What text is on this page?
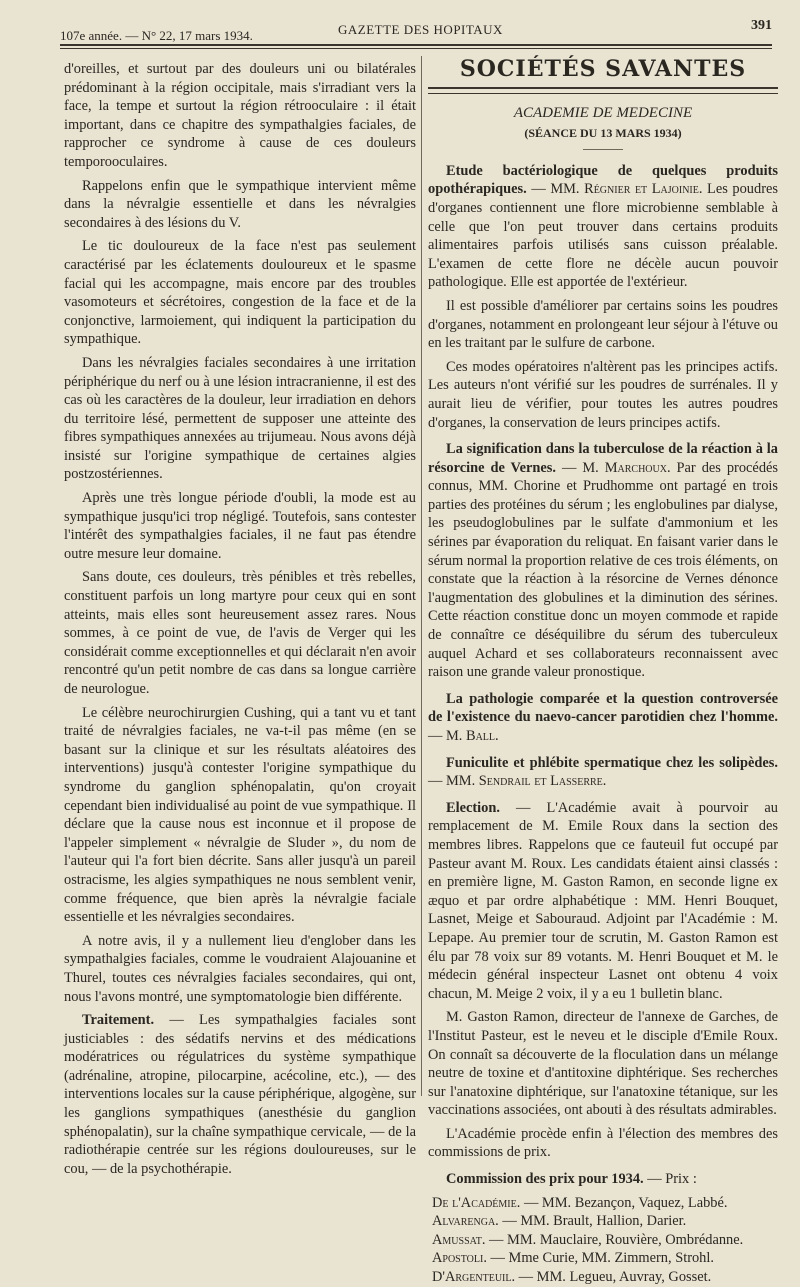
107e année. — N° 22, 17 mars 1934.	GAZETTE DES HOPITAUX	391

d'oreilles, et surtout par des douleurs uni ou bilatérales prédominant à la région occipitale, mais s'irradiant vers la face, la tempe et surtout la région rétrooculaire : il était important, dans ce chapitre des sympathalgies faciales, de rapprocher ce syndrome à cause de ces douleurs temporooculaires.

Rappelons enfin que le sympathique intervient même dans la névralgie essentielle et dans les névralgies secondaires à des lésions du V.

Le tic douloureux de la face n'est pas seulement caractérisé par les éclatements douloureux et le spasme facial qui les accompagne, mais encore par des troubles vasomoteurs et sécrétoires, congestion de la face et de la conjonctive, larmoiement, qui indiquent la participation du sympathique.

Dans les névralgies faciales secondaires à une irritation périphérique du nerf ou à une lésion intracranienne, il est des cas où les caractères de la douleur, leur irradiation en dehors du territoire lésé, permettent de supposer une atteinte des fibres sympathiques annexées au trijumeau. Nous avons déjà insisté sur l'origine sympathique de certaines algies postzostériennes.

Après une très longue période d'oubli, la mode est au sympathique jusqu'ici trop négligé. Toutefois, sans contester l'intérêt des sympathalgies faciales, il ne faut pas étendre outre mesure leur domaine.

Sans doute, ces douleurs, très pénibles et très rebelles, constituent parfois un long martyre pour ceux qui en sont atteints, mais elles sont heureusement assez rares. Nous sommes, à ce point de vue, de l'avis de Verger qui les considérait comme exceptionnelles et qui déclarait n'en avoir rencontré qu'un petit nombre de cas dans sa longue carrière de neurologue.

Le célèbre neurochirurgien Cushing, qui a tant vu et tant traité de névralgies faciales, ne va-t-il pas même (en se basant sur la clinique et sur les résultats aléatoires des interventions) jusqu'à contester l'origine sympathique du syndrome du ganglion sphénopalatin, qu'on croyait cependant bien individualisé au point de vue sympathique. Il déclare que la cause nous est inconnue et il propose de l'appeler simplement « névralgie de Sluder », du nom de l'auteur qui l'a fort bien décrite. Sans aller jusqu'à un pareil ostracisme, les algies sympathiques ne nous semblent venir, comme fréquence, que bien après la névralgie faciale essentielle et les névralgies secondaires.

A notre avis, il y a nullement lieu d'englober dans les sympathalgies faciales, comme le voudraient Alajouanine et Thurel, toutes ces névralgies faciales secondaires, qui ont, nous l'avons montré, une symptomatologie bien différente.

Traitement. — Les sympathalgies faciales sont justiciables : des sédatifs nervins et des médications modératrices ou régulatrices du système sympathique (adrénaline, atropine, pilocarpine, acécoline, etc.), — des interventions locales sur la cause périphérique, algogène, sur les ganglions sympathiques (anesthésie du ganglion sphénopalatin), sur la chaîne sympathique cervicale, — de la radiothérapie centrée sur les régions douloureuses, sur le cou, — de la psychothérapie.

SOCIÉTÉS SAVANTES
ACADEMIE DE MEDECINE
(SÉANCE DU 13 MARS 1934)

Etude bactériologique de quelques produits opothérapiques. — MM. Régnier et Lajoinie. Les poudres d'organes contiennent une flore microbienne semblable à celle que l'on peut trouver dans certains produits alimentaires parfois utilisés sans cuisson préalable. L'examen de cette flore ne décèle aucun pouvoir pathologique. Elle est apportée de l'extérieur.

Il est possible d'améliorer par certains soins les poudres d'organes, notamment en prolongeant leur séjour à l'étuve ou en les traitant par le sulfure de carbone.

Ces modes opératoires n'altèrent pas les principes actifs. Les auteurs n'ont vérifié sur les poudres de surrénales. Il y aurait lieu de vérifier, pour toutes les autres poudres d'organes, la conservation de leurs principes actifs.

La signification dans la tuberculose de la réaction à la résorcine de Vernes. — M. Marchoux. Par des procédés connus, MM. Chorine et Prudhomme ont partagé en trois parties des protéines du sérum ; les englobulines par dialyse, les pseudoglobulines par le sulfate d'ammonium et les sérines par évaporation du reliquat. En faisant varier dans le sérum normal la proportion relative de ces trois éléments, on constate que la réaction à la résorcine de Vernes dénonce l'augmentation des globulines et la diminution des sérines. Cette réaction constitue donc un moyen commode et rapide de connaître ce déséquilibre du sérum des tuberculeux auquel Achard et ses collaborateurs reconnaissent avec raison une grande valeur pronostique.

La pathologie comparée et la question controversée de l'existence du naevo-cancer parotidien chez l'homme. — M. Ball.

Funiculite et phlébite spermatique chez les solipèdes. — MM. Sendrail et Lasserre.

Election. — L'Académie avait à pourvoir au remplacement de M. Emile Roux dans la section des membres libres. Rappelons que ce fauteuil fut occupé par Pasteur avant M. Roux. Les candidats étaient ainsi classés : en première ligne, M. Gaston Ramon, en seconde ligne ex æquo et par ordre alphabétique : MM. Henri Bouquet, Lasnet, Meige et Sabouraud. Adjoint par l'Académie : M. Lepape. Au premier tour de scrutin, M. Gaston Ramon est élu par 78 voix sur 89 votants. M. Henri Bouquet et M. le médecin général inspecteur Lasnet ont obtenu 4 voix chacun, M. Meige 2 voix, il y a eu 1 bulletin blanc.

M. Gaston Ramon, directeur de l'annexe de Garches, de l'Institut Pasteur, est le neveu et le disciple d'Emile Roux. On connaît sa découverte de la floculation dans un mélange neutre de toxine et d'antitoxine diphtérique. Ses recherches sur l'anatoxine diphtérique, sur l'anatoxine tétanique, sur les vaccinations associées, ont abouti à des résultats admirables.

L'Académie procède enfin à l'élection des membres des commissions de prix.

Commission des prix pour 1934. — Prix :

De l'Académie. — MM. Bezançon, Vaquez, Labbé.

Alvarenga. — MM. Brault, Hallion, Darier.

Amussat. — MM. Mauclaire, Rouvière, Ombrédanne.

Apostoli. — Mme Curie, MM. Zimmern, Strohl.

D'Argenteuil. — MM. Legueu, Auvray, Gosset.
